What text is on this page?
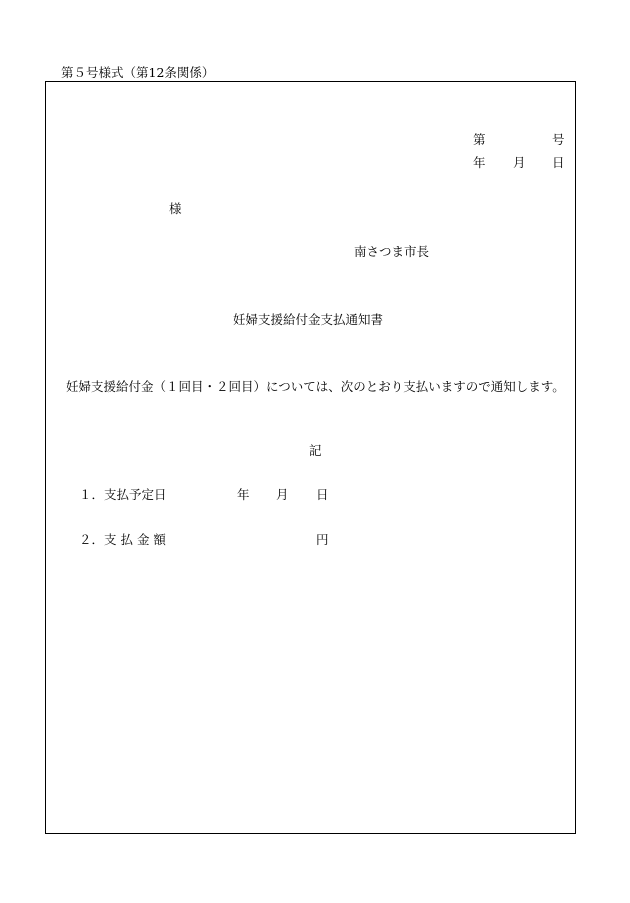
第５号様式（第12条関係）
第	号
年 月 日
様
南さつま市長
妊婦支援給付金支払通知書
妊婦支援給付金（１回目・２回目）については、次のとおり支払いますので通知します。
記
１． 支払予定日	年 月 日
２． 支 払 金 額	円
